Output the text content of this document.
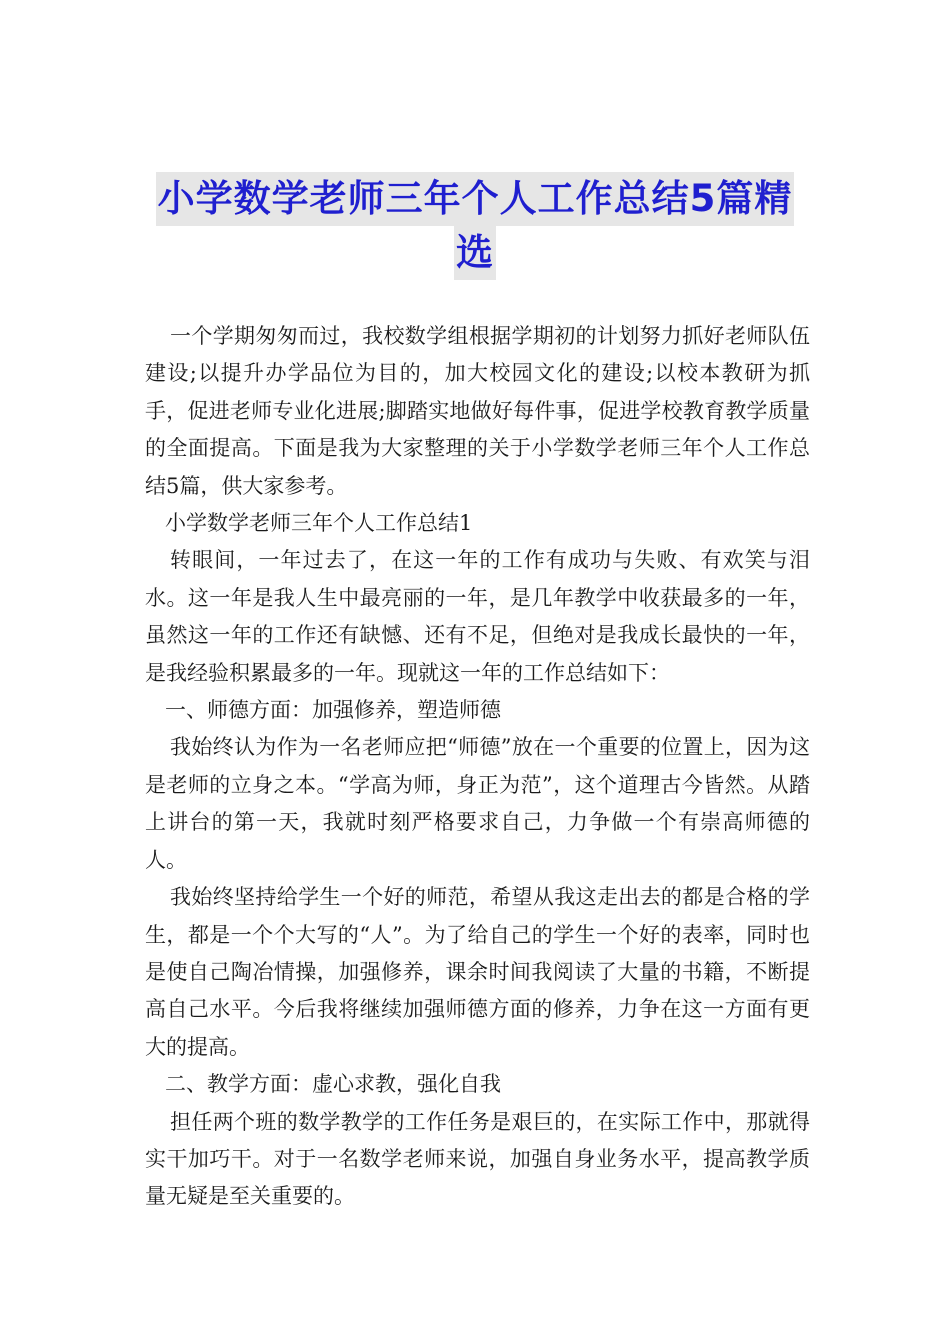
小学数学老师三年个人工作总结5篇精
选

一个学期匆匆而过，我校数学组根据学期初的计划努力抓好老师队伍建设;以提升办学品位为目的，加大校园文化的建设;以校本教研为抓手，促进老师专业化进展;脚踏实地做好每件事，促进学校教育教学质量的全面提高。下面是我为大家整理的关于小学数学老师三年个人工作总结5篇，供大家参考。

小学数学老师三年个人工作总结1

转眼间，一年过去了，在这一年的工作有成功与失败、有欢笑与泪水。这一年是我人生中最亮丽的一年，是几年教学中收获最多的一年，虽然这一年的工作还有缺憾、还有不足，但绝对是我成长最快的一年，是我经验积累最多的一年。现就这一年的工作总结如下：

一、师德方面：加强修养，塑造师德

我始终认为作为一名老师应把“师德”放在一个重要的位置上，因为这是老师的立身之本。“学高为师，身正为范”，这个道理古今皆然。从踏上讲台的第一天，我就时刻严格要求自己，力争做一个有崇高师德的人。

我始终坚持给学生一个好的师范，希望从我这走出去的都是合格的学生，都是一个个大写的“人”。为了给自己的学生一个好的表率，同时也是使自己陶冶情操，加强修养，课余时间我阅读了大量的书籍，不断提高自己水平。今后我将继续加强师德方面的修养，力争在这一方面有更大的提高。

二、教学方面：虚心求教，强化自我

担任两个班的数学教学的工作任务是艰巨的，在实际工作中，那就得实干加巧干。对于一名数学老师来说，加强自身业务水平，提高教学质量无疑是至关重要的。
